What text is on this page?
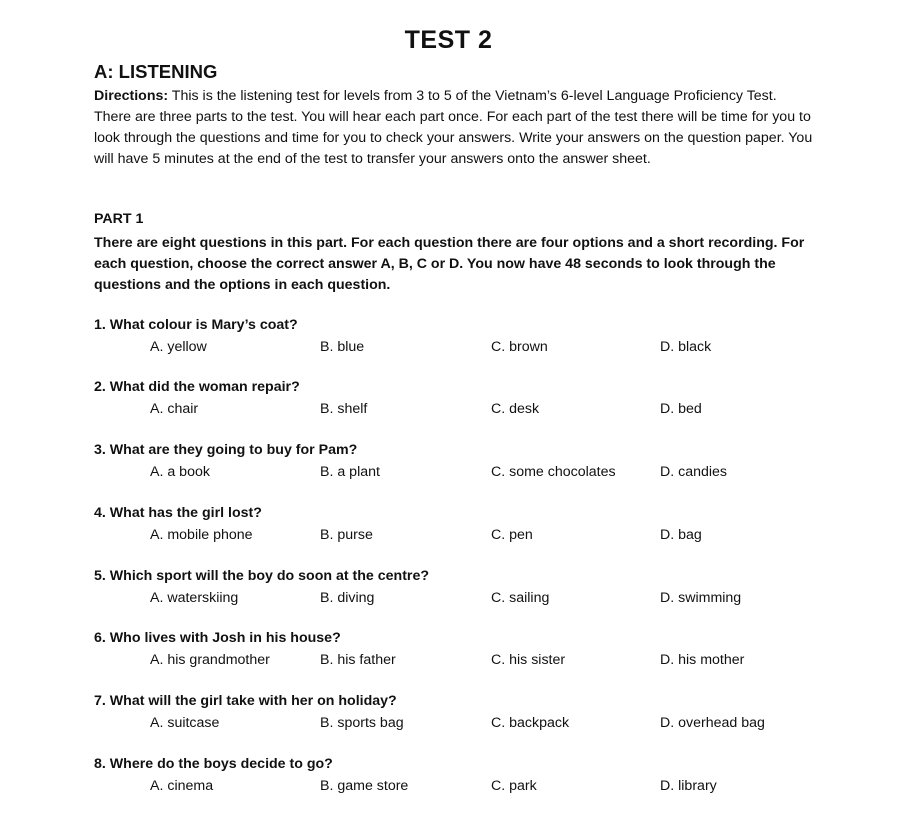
TEST 2
A: LISTENING
Directions: This is the listening test for levels from 3 to 5 of the Vietnam’s 6-level Language Proficiency Test. There are three parts to the test. You will hear each part once. For each part of the test there will be time for you to look through the questions and time for you to check your answers. Write your answers on the question paper. You will have 5 minutes at the end of the test to transfer your answers onto the answer sheet.
PART 1
There are eight questions in this part. For each question there are four options and a short recording. For each question, choose the correct answer A, B, C or D. You now have 48 seconds to look through the questions and the options in each question.
1. What colour is Mary’s coat?
A. yellow	B. blue	C. brown	D. black
2. What did the woman repair?
A. chair	B. shelf	C. desk	D. bed
3. What are they going to buy for Pam?
A. a book	B. a plant	C. some chocolates	D. candies
4. What has the girl lost?
A. mobile phone	B. purse	C. pen	D. bag
5. Which sport will the boy do soon at the centre?
A. waterskiing	B. diving	C. sailing	D. swimming
6. Who lives with Josh in his house?
A. his grandmother	B. his father	C. his sister	D. his mother
7. What will the girl take with her on holiday?
A. suitcase	B. sports bag	C. backpack	D. overhead bag
8. Where do the boys decide to go?
A. cinema	B. game store	C. park	D. library
